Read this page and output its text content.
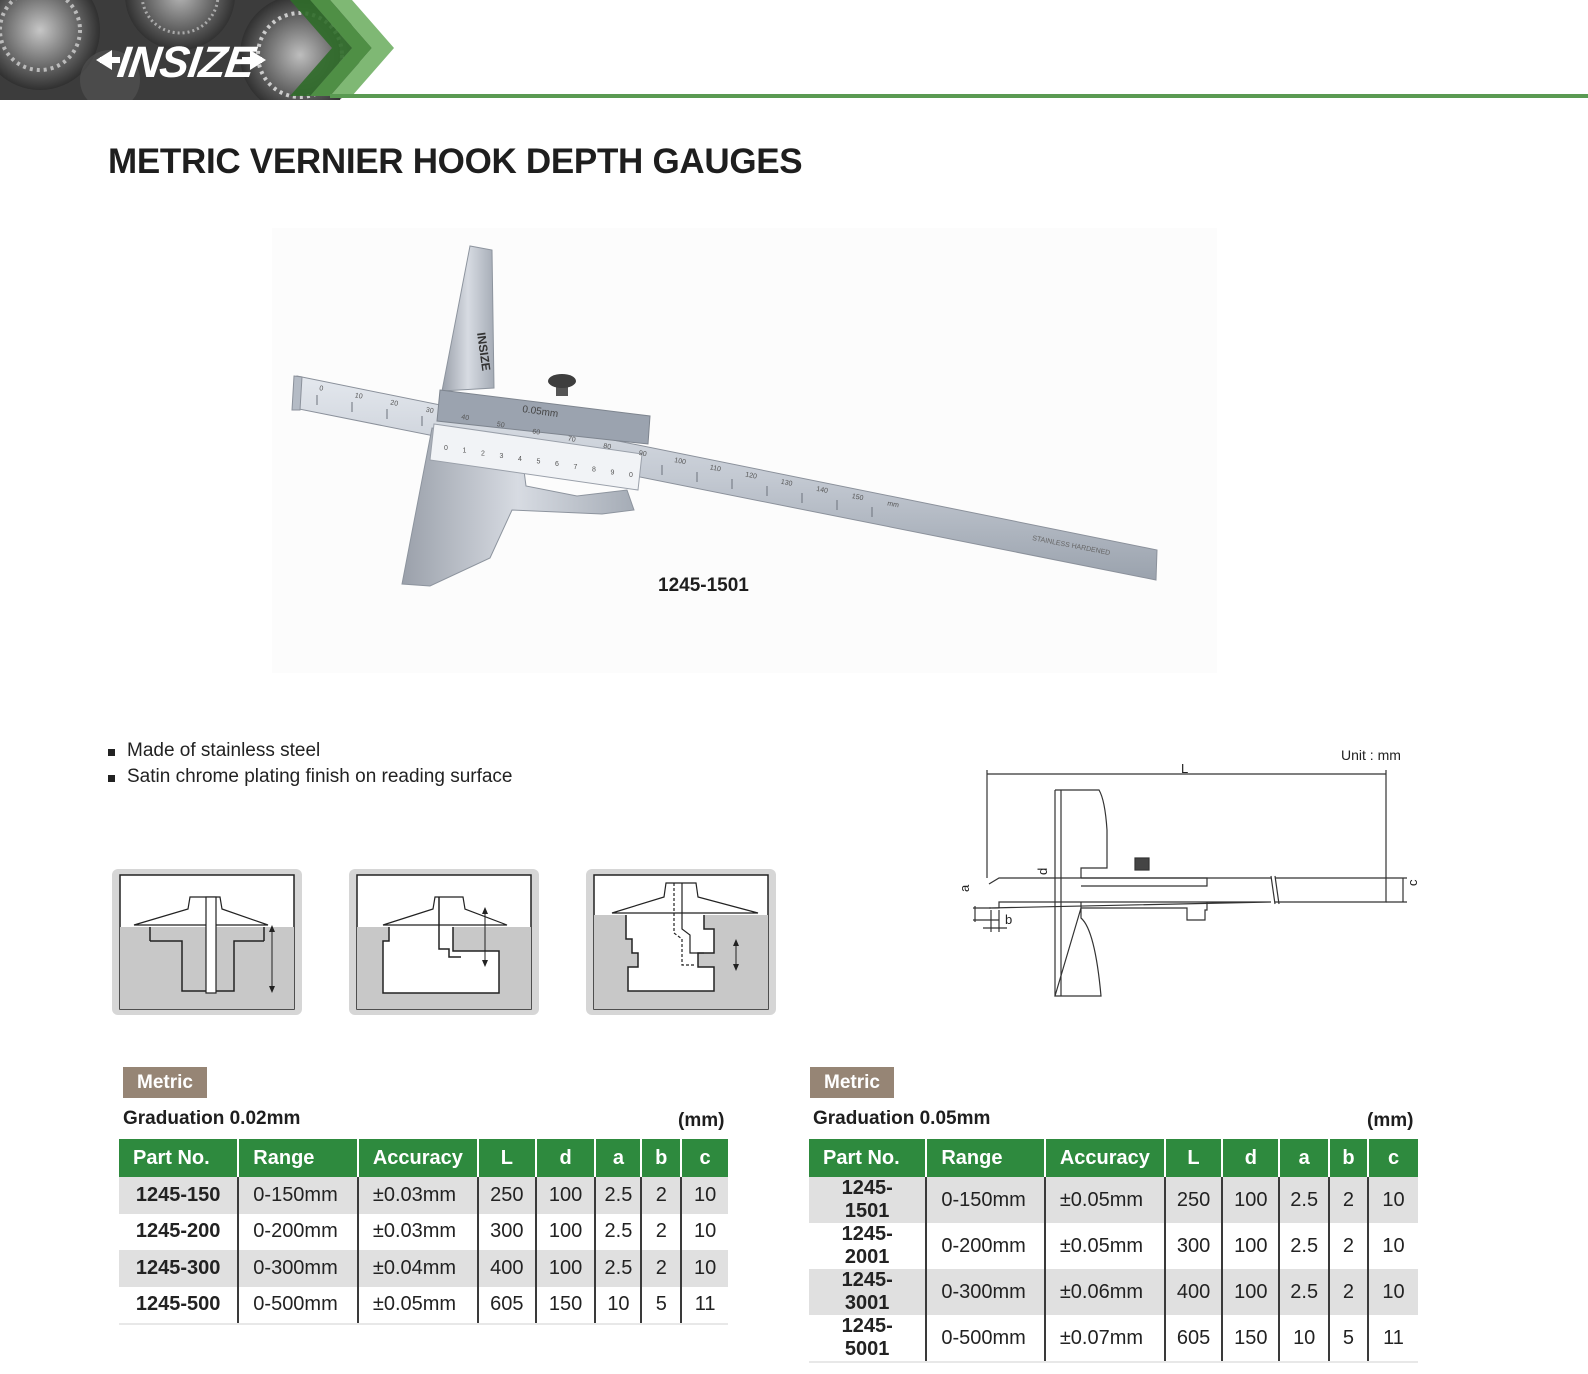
INSIZE
METRIC VERNIER HOOK DEPTH GAUGES
INSIZE
0.05mm
STAINLESS HARDENED
0
10
20
30
40
50
60
70
80
90
100
110
120
130
140
150
mm
0 1 2 3 4 5 6 7 8 9 0
1245-1501
Made of stainless steel
Satin chrome plating finish on reading surface
Unit : mm
L
d
a
b
c
Metric
Graduation 0.02mm	(mm)
Part No.	Range	Accuracy	L	d	a	b	c
1245-150	0-150mm	±0.03mm	250	100	2.5	2	10
1245-200	0-200mm	±0.03mm	300	100	2.5	2	10
1245-300	0-300mm	±0.04mm	400	100	2.5	2	10
1245-500	0-500mm	±0.05mm	605	150	10	5	11
Metric
Graduation 0.05mm	(mm)
Part No.	Range	Accuracy	L	d	a	b	c
1245-1501	0-150mm	±0.05mm	250	100	2.5	2	10
1245-2001	0-200mm	±0.05mm	300	100	2.5	2	10
1245-3001	0-300mm	±0.06mm	400	100	2.5	2	10
1245-5001	0-500mm	±0.07mm	605	150	10	5	11
